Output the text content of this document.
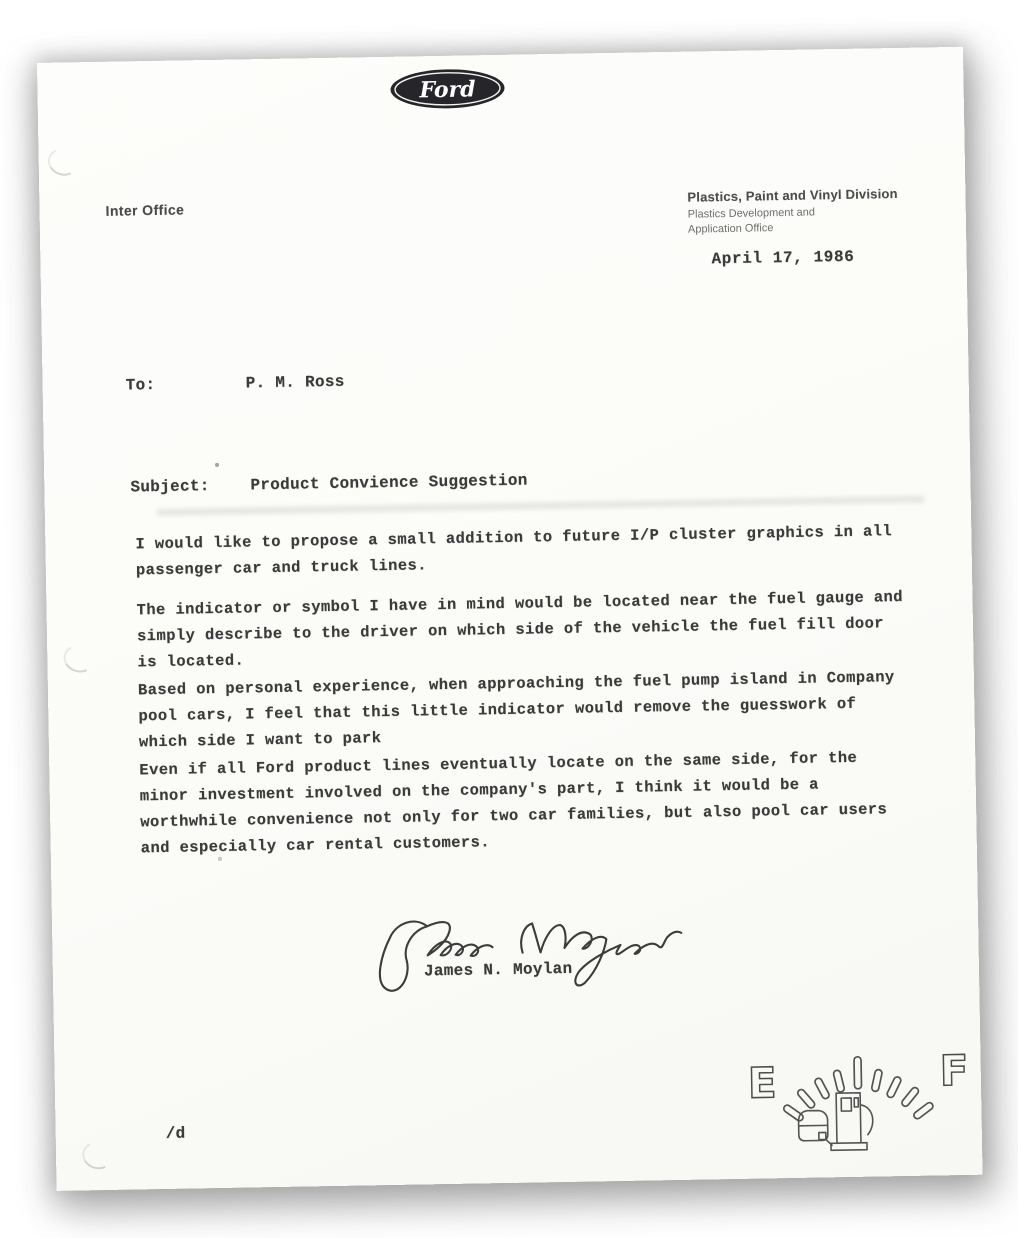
Ford
Inter Office
Plastics, Paint and Vinyl Division
Plastics Development and
Application Office
April 17, 1986
To:	P. M. Ross
Subject:	Product Convience Suggestion
I would like to propose a small addition to future I/P cluster graphics in all
passenger car and truck lines.
The indicator or symbol I have in mind would be located near the fuel gauge and
simply describe to the driver on which side of the vehicle the fuel fill door
is located.
Based on personal experience, when approaching the fuel pump island in Company
pool cars, I feel that this little indicator would remove the guesswork of
which side I want to park
Even if all Ford product lines eventually locate on the same side, for the
minor investment involved on the company's part, I think it would be a
worthwhile convenience not only for two car families, but also pool car users
and especially car rental customers.
James N. Moylan
E	F
/d
